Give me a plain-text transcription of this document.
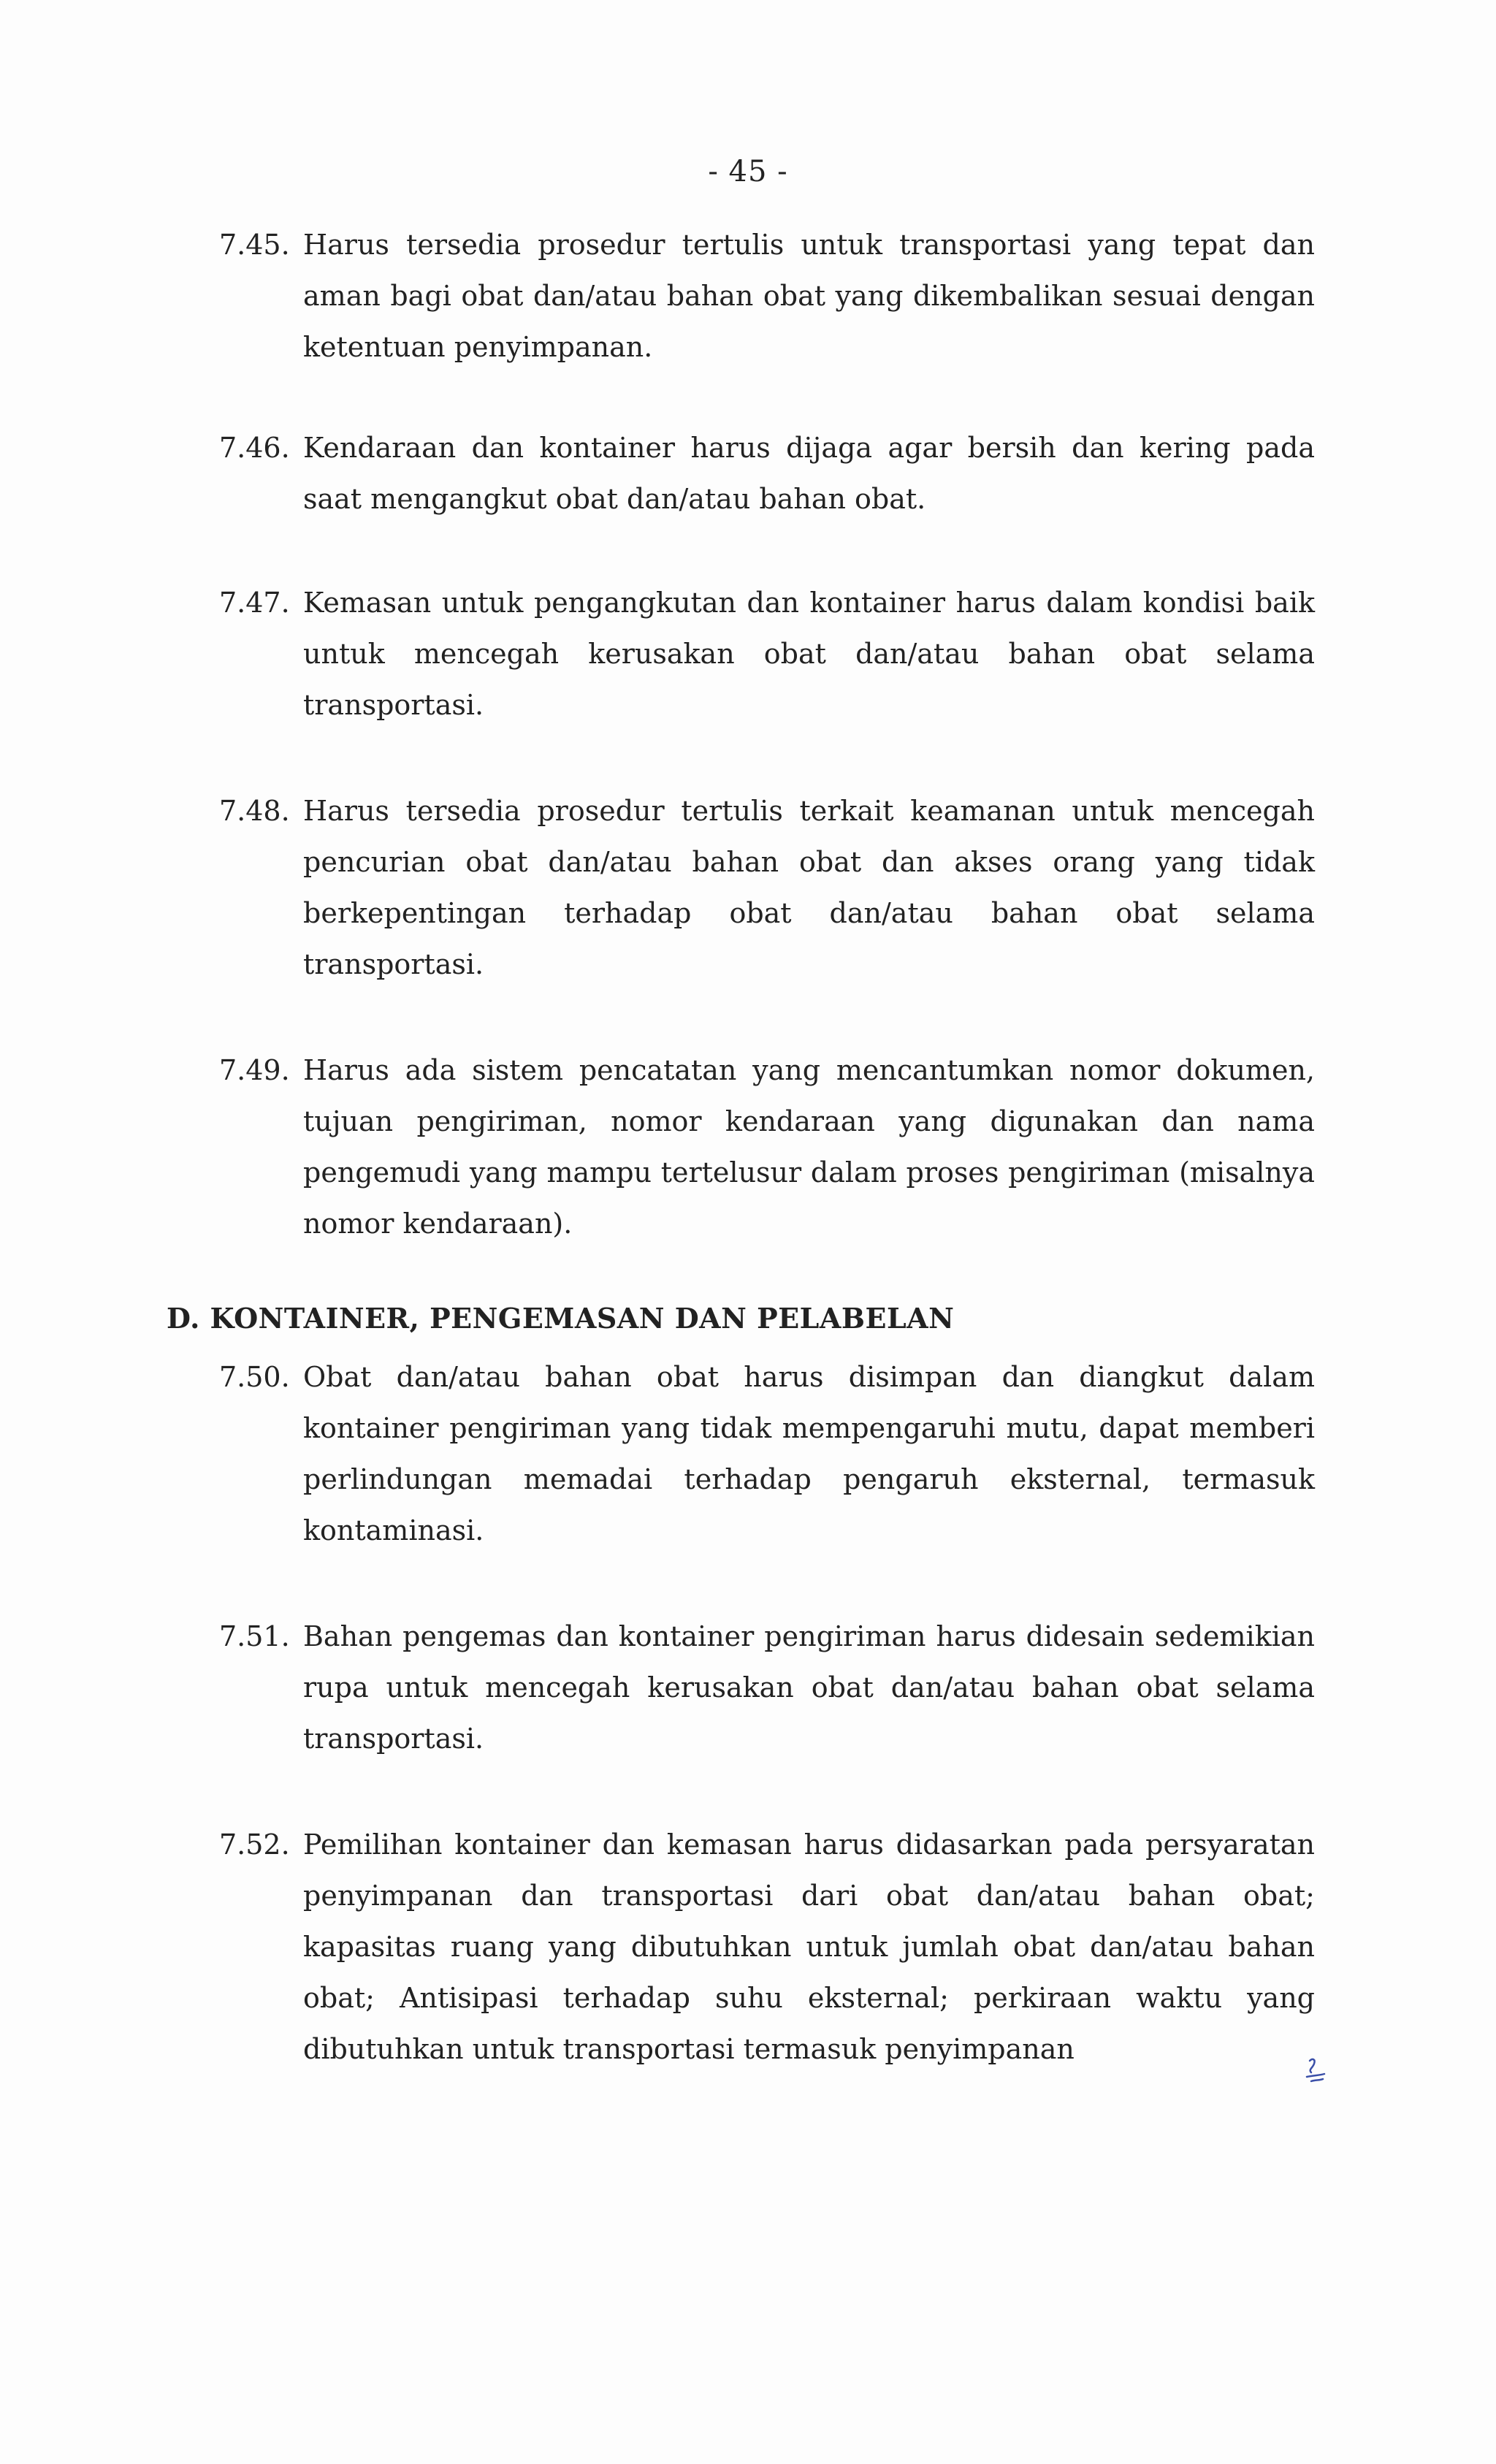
- 45 -
7.45. Harus tersedia prosedur tertulis untuk transportasi yang tepat dan aman bagi obat dan/atau bahan obat yang dikembalikan sesuai dengan ketentuan penyimpanan.
7.46. Kendaraan dan kontainer harus dijaga agar bersih dan kering pada saat mengangkut obat dan/atau bahan obat.
7.47. Kemasan untuk pengangkutan dan kontainer harus dalam kondisi baik untuk mencegah kerusakan obat dan/atau bahan obat selama transportasi.
7.48. Harus tersedia prosedur tertulis terkait keamanan untuk mencegah pencurian obat dan/atau bahan obat dan akses orang yang tidak berkepentingan terhadap obat dan/atau bahan obat selama transportasi.
7.49. Harus ada sistem pencatatan yang mencantumkan nomor dokumen, tujuan pengiriman, nomor kendaraan yang digunakan dan nama pengemudi yang mampu tertelusur dalam proses pengiriman (misalnya nomor kendaraan).
D. KONTAINER, PENGEMASAN DAN PELABELAN
7.50. Obat dan/atau bahan obat harus disimpan dan diangkut dalam kontainer pengiriman yang tidak mempengaruhi mutu, dapat memberi perlindungan memadai terhadap pengaruh eksternal, termasuk kontaminasi.
7.51. Bahan pengemas dan kontainer pengiriman harus didesain sedemikian rupa untuk mencegah kerusakan obat dan/atau bahan obat selama transportasi.
7.52. Pemilihan kontainer dan kemasan harus didasarkan pada persyaratan penyimpanan dan transportasi dari obat dan/atau bahan obat; kapasitas ruang yang dibutuhkan untuk jumlah obat dan/atau bahan obat; Antisipasi terhadap suhu eksternal; perkiraan waktu yang dibutuhkan untuk transportasi termasuk penyimpanan
